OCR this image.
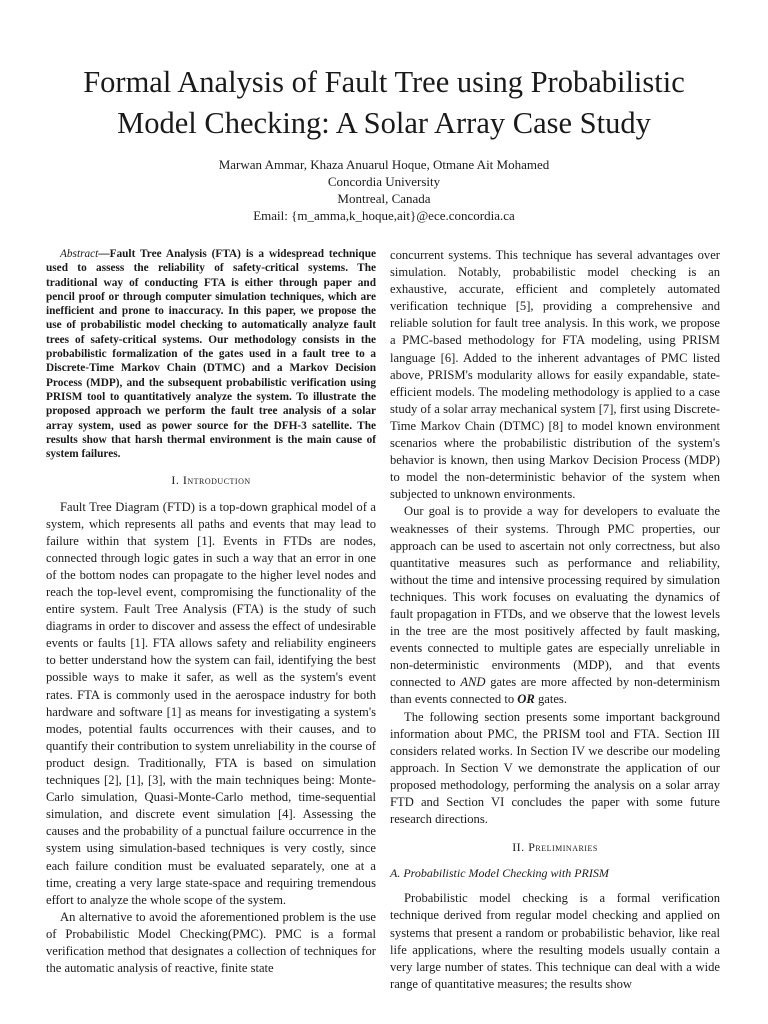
Formal Analysis of Fault Tree using Probabilistic
Model Checking: A Solar Array Case Study
Marwan Ammar, Khaza Anuarul Hoque, Otmane Ait Mohamed
Concordia University
Montreal, Canada
Email: {m_amma,k_hoque,ait}@ece.concordia.ca

Abstract—Fault Tree Analysis (FTA) is a widespread technique used to assess the reliability of safety-critical systems. The traditional way of conducting FTA is either through paper and pencil proof or through computer simulation techniques, which are inefficient and prone to inaccuracy. In this paper, we propose the use of probabilistic model checking to automatically analyze fault trees of safety-critical systems. Our methodology consists in the probabilistic formalization of the gates used in a fault tree to a Discrete-Time Markov Chain (DTMC) and a Markov Decision Process (MDP), and the subsequent probabilistic verification using PRISM tool to quantitatively analyze the system. To illustrate the proposed approach we perform the fault tree analysis of a solar array system, used as power source for the DFH-3 satellite. The results show that harsh thermal environment is the main cause of system failures.

I. Introduction

Fault Tree Diagram (FTD) is a top-down graphical model of a system, which represents all paths and events that may lead to failure within that system [1]. Events in FTDs are nodes, connected through logic gates in such a way that an error in one of the bottom nodes can propagate to the higher level nodes and reach the top-level event, compromising the functionality of the entire system. Fault Tree Analysis (FTA) is the study of such diagrams in order to discover and assess the effect of undesirable events or faults [1]. FTA allows safety and reliability engineers to better understand how the system can fail, identifying the best possible ways to make it safer, as well as the system's event rates. FTA is commonly used in the aerospace industry for both hardware and software [1] as means for investigating a system's modes, potential faults occurrences with their causes, and to quantify their contribution to system unreliability in the course of product design. Traditionally, FTA is based on simulation techniques [2], [1], [3], with the main techniques being: Monte-Carlo simulation, Quasi-Monte-Carlo method, time-sequential simulation, and discrete event simulation [4]. Assessing the causes and the probability of a punctual failure occurrence in the system using simulation-based techniques is very costly, since each failure condition must be evaluated separately, one at a time, creating a very large state-space and requiring tremendous effort to analyze the whole scope of the system.

An alternative to avoid the aforementioned problem is the use of Probabilistic Model Checking(PMC). PMC is a formal verification method that designates a collection of techniques for the automatic analysis of reactive, finite state

concurrent systems. This technique has several advantages over simulation. Notably, probabilistic model checking is an exhaustive, accurate, efficient and completely automated verification technique [5], providing a comprehensive and reliable solution for fault tree analysis. In this work, we propose a PMC-based methodology for FTA modeling, using PRISM language [6]. Added to the inherent advantages of PMC listed above, PRISM's modularity allows for easily expandable, state-efficient models. The modeling methodology is applied to a case study of a solar array mechanical system [7], first using Discrete-Time Markov Chain (DTMC) [8] to model known environment scenarios where the probabilistic distribution of the system's behavior is known, then using Markov Decision Process (MDP) to model the non-deterministic behavior of the system when subjected to unknown environments.

Our goal is to provide a way for developers to evaluate the weaknesses of their systems. Through PMC properties, our approach can be used to ascertain not only correctness, but also quantitative measures such as performance and reliability, without the time and intensive processing required by simulation techniques. This work focuses on evaluating the dynamics of fault propagation in FTDs, and we observe that the lowest levels in the tree are the most positively affected by fault masking, events connected to multiple gates are especially unreliable in non-deterministic environments (MDP), and that events connected to AND gates are more affected by non-determinism than events connected to OR gates.

The following section presents some important background information about PMC, the PRISM tool and FTA. Section III considers related works. In Section IV we describe our modeling approach. In Section V we demonstrate the application of our proposed methodology, performing the analysis on a solar array FTD and Section VI concludes the paper with some future research directions.

II. Preliminaries
A. Probabilistic Model Checking with PRISM

Probabilistic model checking is a formal verification technique derived from regular model checking and applied on systems that present a random or probabilistic behavior, like real life applications, where the resulting models usually contain a very large number of states. This technique can deal with a wide range of quantitative measures; the results show
